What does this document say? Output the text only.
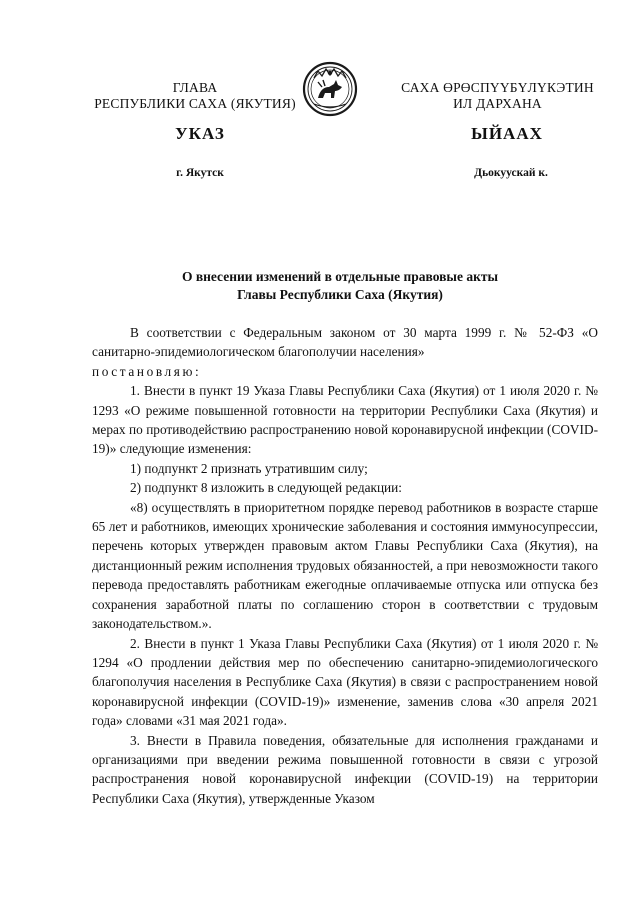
ГЛАВА
РЕСПУБЛИКИ САХА (ЯКУТИЯ)
САХА ӨРӨСПҮҮБҮЛҮКЭТИН
ИЛ ДАРХАНА
УКАЗ	ЫЙААХ
г. Якутск	Дьокуускай к.
О внесении изменений в отдельные правовые акты
Главы Республики Саха (Якутия)

В соответствии с Федеральным законом от 30 марта 1999 г. № 52-ФЗ «О санитарно-эпидемиологическом благополучии населения»

постановляю:

1. Внести в пункт 19 Указа Главы Республики Саха (Якутия) от 1 июля 2020 г. № 1293 «О режиме повышенной готовности на территории Республики Саха (Якутия) и мерах по противодействию распространению новой коронавирусной инфекции (COVID-19)» следующие изменения:

1) подпункт 2 признать утратившим силу;

2) подпункт 8 изложить в следующей редакции:

«8) осуществлять в приоритетном порядке перевод работников в возрасте старше 65 лет и работников, имеющих хронические заболевания и состояния иммуносупрессии, перечень которых утвержден правовым актом Главы Республики Саха (Якутия), на дистанционный режим исполнения трудовых обязанностей, а при невозможности такого перевода предоставлять работникам ежегодные оплачиваемые отпуска или отпуска без сохранения заработной платы по соглашению сторон в соответствии с трудовым законодательством.».

2. Внести в пункт 1 Указа Главы Республики Саха (Якутия) от 1 июля 2020 г. № 1294 «О продлении действия мер по обеспечению санитарно-эпидемиологического благополучия населения в Республике Саха (Якутия) в связи с распространением новой коронавирусной инфекции (COVID-19)» изменение, заменив слова «30 апреля 2021 года» словами «31 мая 2021 года».

3. Внести в Правила поведения, обязательные для исполнения гражданами и организациями при введении режима повышенной готовности в связи с угрозой распространения новой коронавирусной инфекции (COVID-19) на территории Республики Саха (Якутия), утвержденные Указом
